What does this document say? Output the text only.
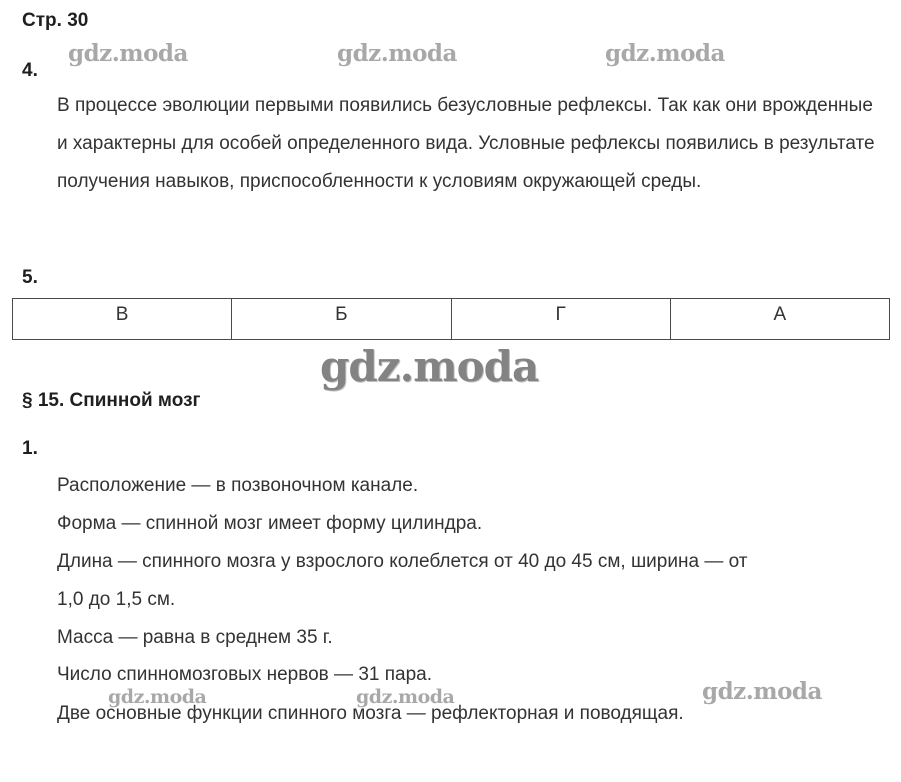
Стр. 30
gdz.moda	gdz.moda	gdz.moda
4.
В процессе эволюции первыми появились безусловные рефлексы. Так как они врожденные и характерны для особей определенного вида. Условные рефлексы появились в результате получения навыков, приспособленности к условиям окружающей среды.
5.
В	Б	Г	А
gdz.moda
§ 15. Спинной мозг
1.
Расположение — в позвоночном канале.
Форма — спинной мозг имеет форму цилиндра.
Длина — спинного мозга у взрослого колеблется от 40 до 45 см, ширина — от
1,0 до 1,5 см.
Масса — равна в среднем 35 г.
Число спинномозговых нервов — 31 пара.
gdz.moda	gdz.moda	gdz.moda
Две основные функции спинного мозга — рефлекторная и поводящая.
